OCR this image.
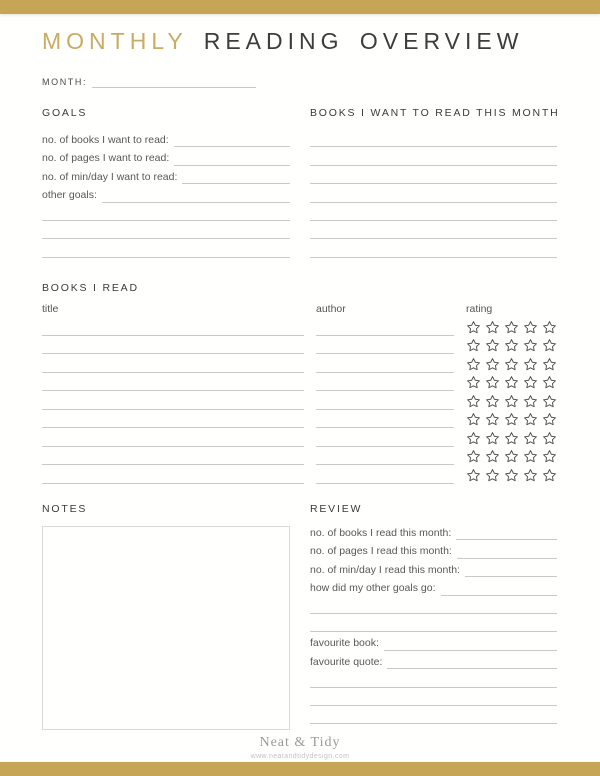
MONTHLY READING OVERVIEW
MONTH:
GOALS
no. of books I want to read:
no. of pages I want to read:
no. of min/day I want to read:
other goals:
BOOKS I WANT TO READ THIS MONTH
BOOKS I READ
title	author	rating
NOTES	REVIEW
no. of books I read this month:
no. of pages I read this month:
no. of min/day I read this month:
how did my other goals go:
favourite book:
favourite quote:
Neat & Tidy
www.neatandtidydesign.com
